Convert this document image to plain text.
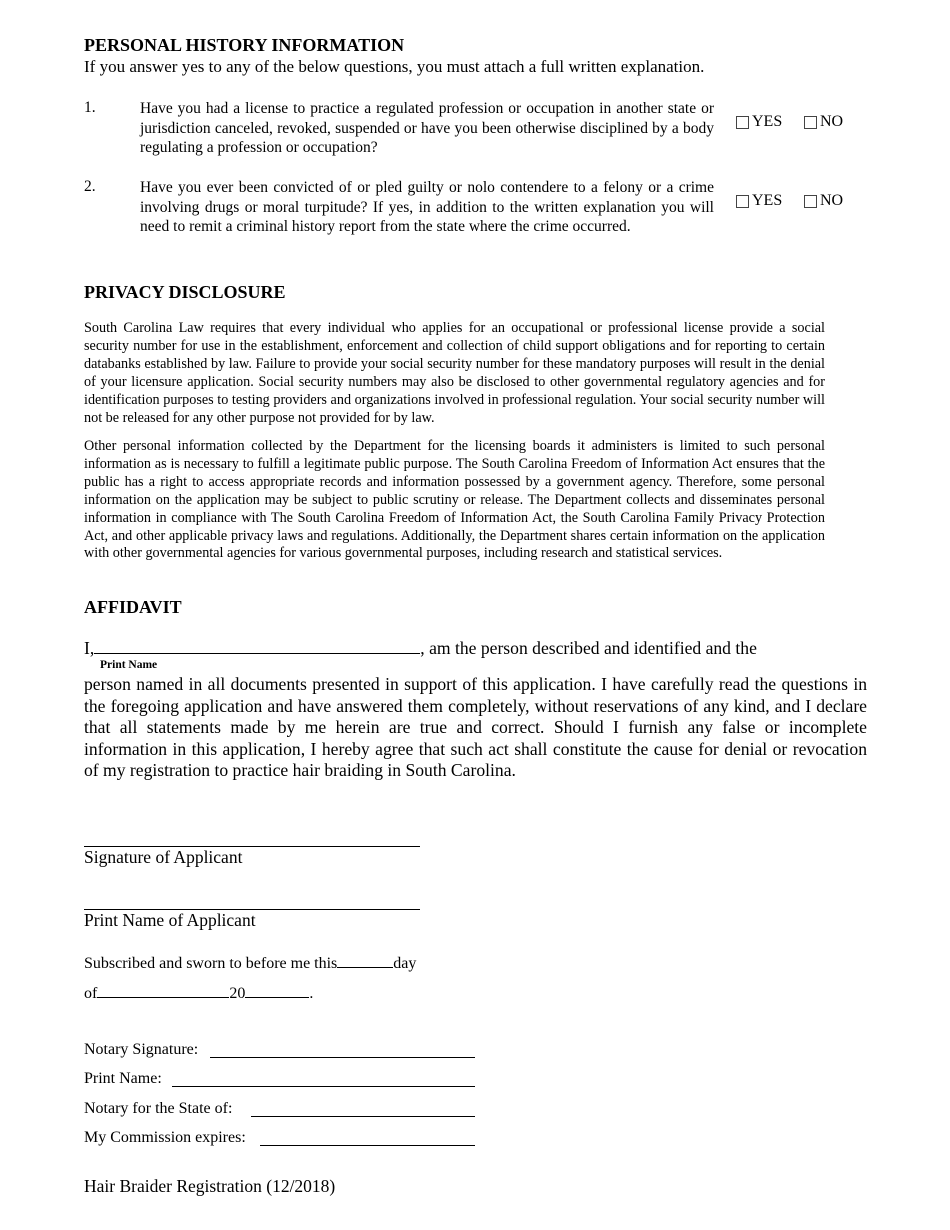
PERSONAL HISTORY INFORMATION
If you answer yes to any of the below questions, you must attach a full written explanation.
1.	Have you had a license to practice a regulated profession or occupation in another state or jurisdiction canceled, revoked, suspended or have you been otherwise disciplined by a body regulating a profession or occupation?
YES NO
2.	Have you ever been convicted of or pled guilty or nolo contendere to a felony or a crime involving drugs or moral turpitude? If yes, in addition to the written explanation you will need to remit a criminal history report from the state where the crime occurred.
YES NO
PRIVACY DISCLOSURE
South Carolina Law requires that every individual who applies for an occupational or professional license provide a social security number for use in the establishment, enforcement and collection of child support obligations and for reporting to certain databanks established by law. Failure to provide your social security number for these mandatory purposes will result in the denial of your licensure application. Social security numbers may also be disclosed to other governmental regulatory agencies and for identification purposes to testing providers and organizations involved in professional regulation. Your social security number will not be released for any other purpose not provided for by law.
Other personal information collected by the Department for the licensing boards it administers is limited to such personal information as is necessary to fulfill a legitimate public purpose. The South Carolina Freedom of Information Act ensures that the public has a right to access appropriate records and information possessed by a government agency. Therefore, some personal information on the application may be subject to public scrutiny or release. The Department collects and disseminates personal information in compliance with The South Carolina Freedom of Information Act, the South Carolina Family Privacy Protection Act, and other applicable privacy laws and regulations. Additionally, the Department shares certain information on the application with other governmental agencies for various governmental purposes, including research and statistical services.
AFFIDAVIT
I,	, am the person described and identified and the
Print Name
person named in all documents presented in support of this application. I have carefully read the questions in the foregoing application and have answered them completely, without reservations of any kind, and I declare that all statements made by me herein are true and correct. Should I furnish any false or incomplete information in this application, I hereby agree that such act shall constitute the cause for denial or revocation of my registration to practice hair braiding in South Carolina.
Signature of Applicant
Print Name of Applicant
Subscribed and sworn to before me this	day
of	20	.
Notary Signature:
Print Name:
Notary for the State of:
My Commission expires:
Hair Braider Registration (12/2018)
